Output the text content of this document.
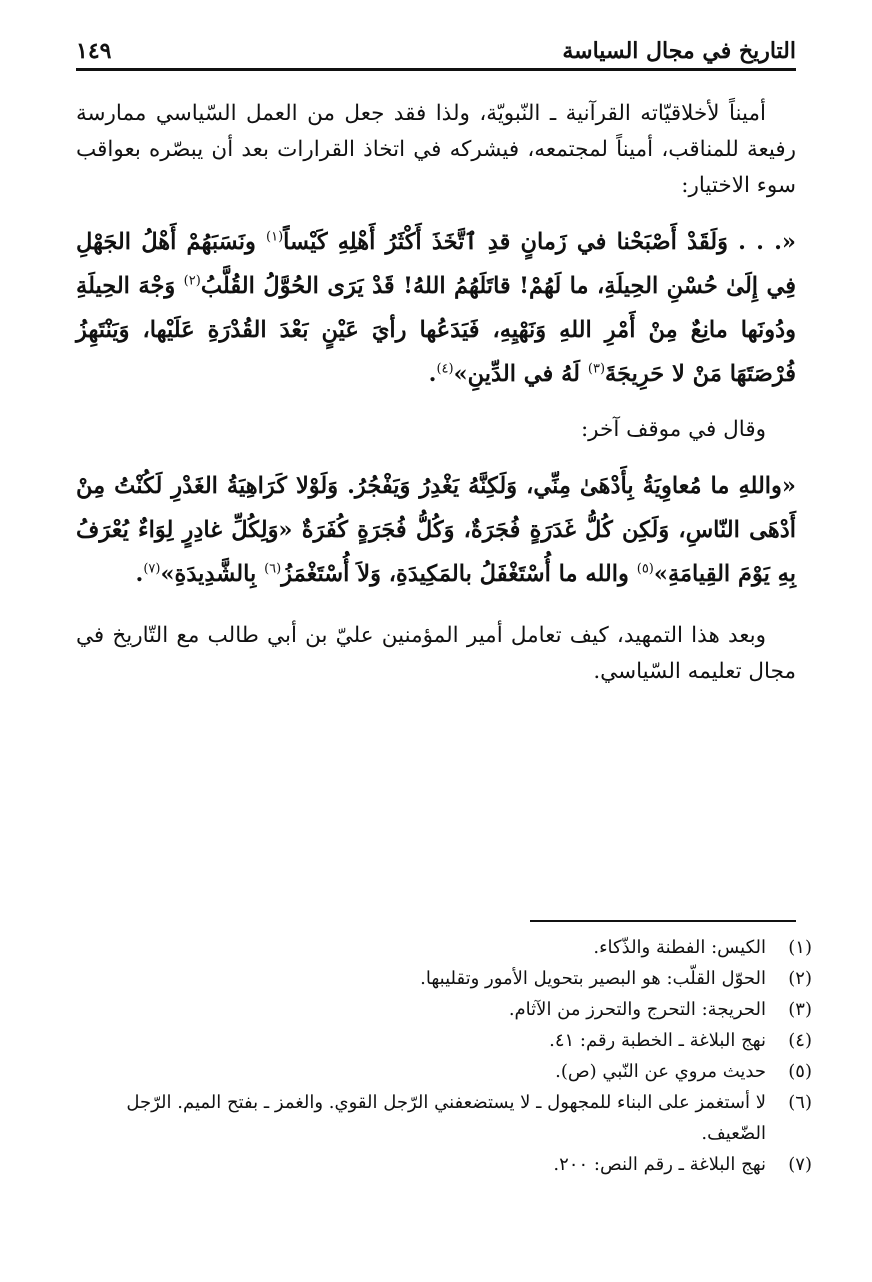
التاريخ في مجال السياسة
١٤٩

أميناً لأخلاقيّاته القرآنية ـ النّبويّة، ولذا فقد جعل من العمل السّياسي ممارسة رفيعة للمناقب، أميناً لمجتمعه، فيشركه في اتخاذ القرارات بعد أن يبصّره بعواقب سوء الاختيار:

«. . . وَلَقَدْ أَصْبَحْنا في زَمانٍ قدِ ٱتَّخَذَ أَكْثَرُ أَهْلِهِ كَيْساً$^{(١)}$ ونَسَبَهُمْ أَهْلُ الجَهْلِ فِي إِلَىٰ حُسْنِ الحِيلَةِ، ما لَهُمْ! قاتَلَهُمُ اللهُ! قَدْ يَرَى الحُوَّلُ القُلَّبُ$^{(٢)}$ وَجْهَ الحِيلَةِ ودُونَها مانِعٌ مِنْ أَمْرِ اللهِ وَنَهْيِهِ، فَيَدَعُها رأيَ عَيْنٍ بَعْدَ القُدْرَةِ عَلَيْها، وَيَنْتَهِزُ فُرْصَتَهَا مَنْ لا حَرِيجَةَ$^{(٣)}$ لَهُ في الدِّينِ»$^{(٤)}$.

وقال في موقف آخر:

«واللهِ ما مُعاوِيَةُ بِأَدْهَىٰ مِنِّي، وَلَكِنَّهُ يَغْدِرُ وَيَفْجُرُ. وَلَوْلا كَرَاهِيَةُ الغَدْرِ لَكُنْتُ مِنْ أَدْهَى النّاسِ، وَلَكِن كُلُّ غَدَرَةٍ فُجَرَةٌ، وَكُلُّ فُجَرَةٍ كُفَرَةٌ «وَلِكُلِّ غادِرٍ لِوَاءٌ يُعْرَفُ بِهِ يَوْمَ القِيامَةِ»$^{(٥)}$ والله ما أُسْتَغْفَلُ بالمَكِيدَةِ، وَلاَ أُسْتَغْمَزُ$^{(٦)}$ بِالشَّدِيدَةِ»$^{(٧)}$.

وبعد هذا التمهيد، كيف تعامل أمير المؤمنين عليّ بن أبي طالب مع التّاريخ في مجال تعليمه السّياسي.

(١)
الكيس: الفطنة والذّكاء.

(٢)
الحوّل القلّب: هو البصير بتحويل الأمور وتقليبها.

(٣)
الحريجة: التحرج والتحرز من الآثام.

(٤)
نهج البلاغة ـ الخطبة رقم: ٤١.

(٥)
حديث مروي عن النّبي (ص).

(٦)
لا أستغمز على البناء للمجهول ـ لا يستضعفني الرّجل القوي. والغمز ـ بفتح الميم. الرّجل الضّعيف.

(٧)
نهج البلاغة ـ رقم النص: ٢٠٠.
